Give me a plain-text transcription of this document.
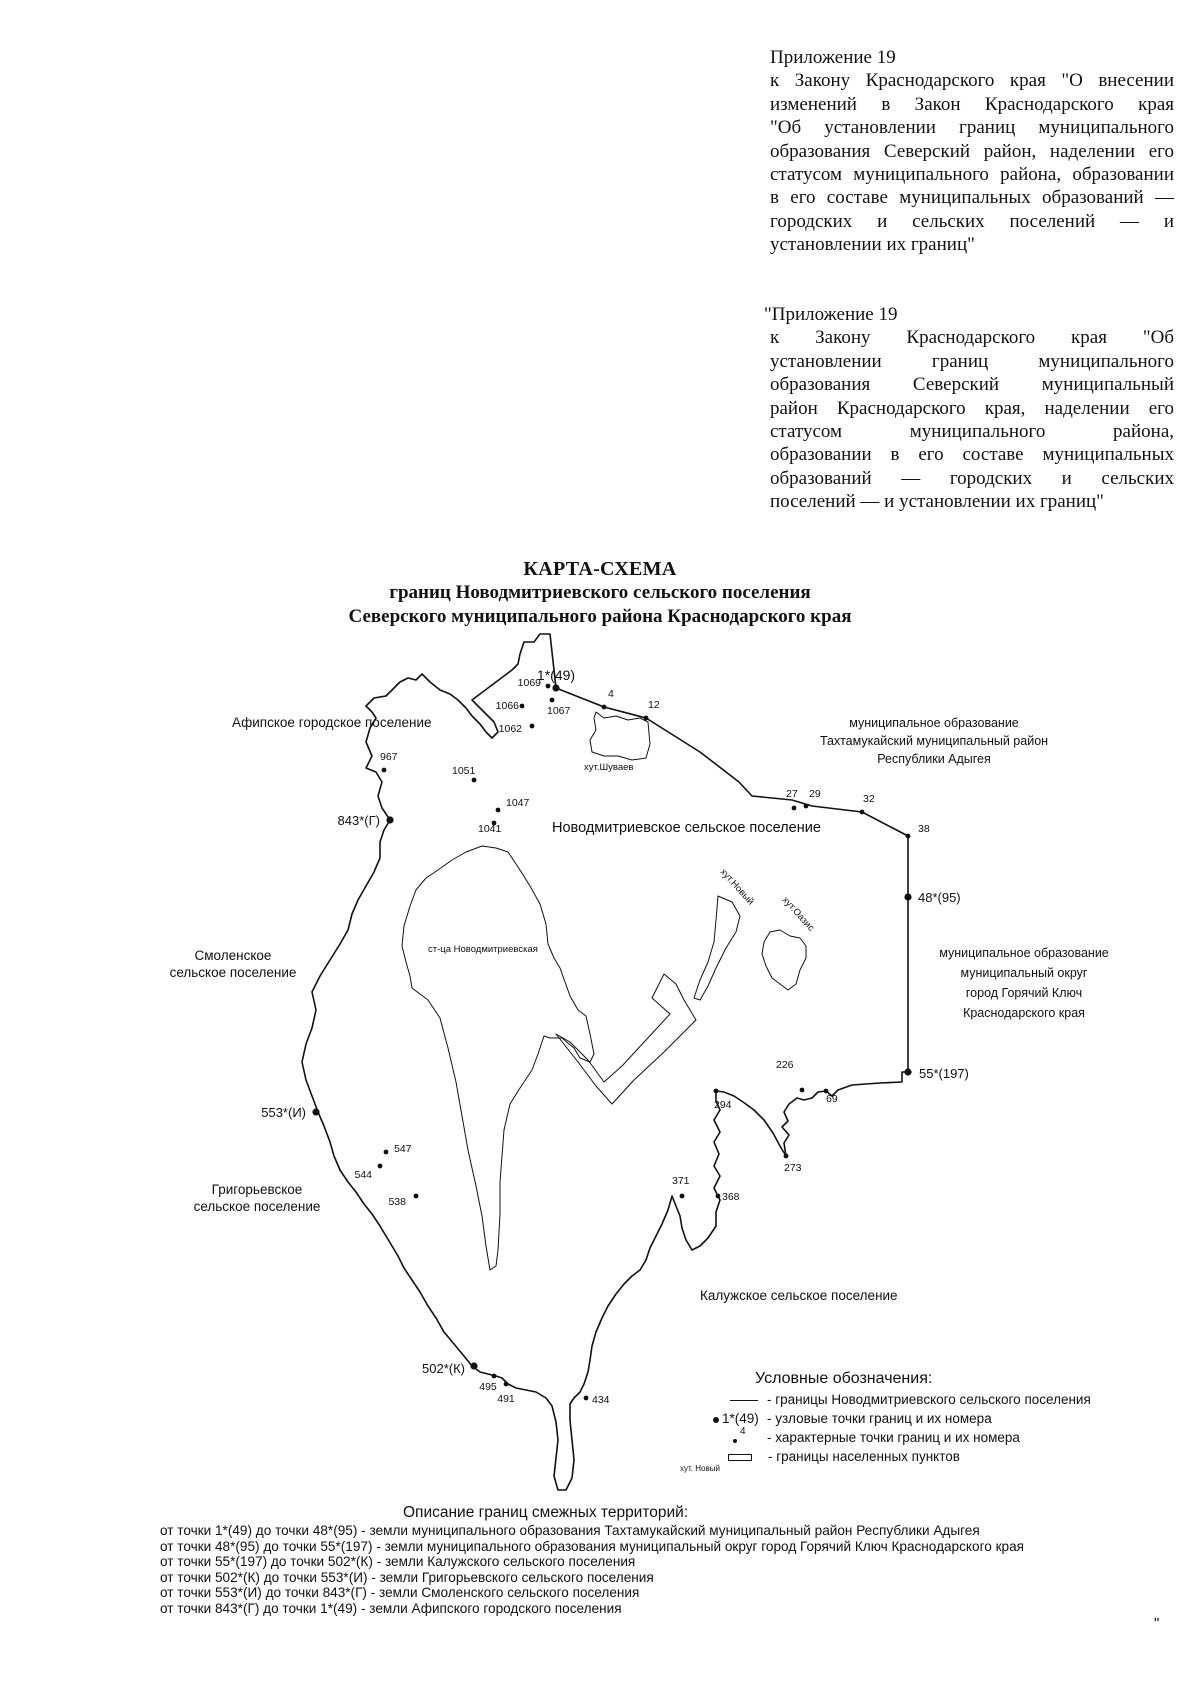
Приложение 19
к Закону Краснодарского края "О внесении
изменений в Закон Краснодарского края
"Об установлении границ муниципального
образования Северский район, наделении его
статусом муниципального района, образовании
в его составе муниципальных образований —
городских и сельских поселений — и
установлении их границ"
"Приложение 19
к Закону Краснодарского края "Об
установлении границ муниципального
образования Северский муниципальный
район Краснодарского края, наделении его
статусом муниципального района,
образовании в его составе муниципальных
образований — городских и сельских
поселений — и установлении их границ"
КАРТА-СХЕМА
границ Новодмитриевского сельского поселения
Северского муниципального района Краснодарского края
1*(49)
48*(95)
55*(197)
502*(К)
553*(И)
843*(Г)
4
12
1069
1066	1067
1062
967
1051
1047
1041
27 29	32
38
226
69
294
273
547
544
538
371
368
495
491	434
Афипское городское поселение
Новодмитриевское сельское поселение
муниципальное образование
Тахтамукайский муниципальный район
Республики Адыгея
муниципальное образование
муниципальный округ
город Горячий Ключ
Краснодарского края
Смоленское
сельское поселение
Григорьевское
сельское поселение
Калужское сельское поселение
хут.Шуваев
ст-ца Новодмитриевская
хут.Новый
хут.Оазис
Условные обозначения:
- границы Новодмитриевского сельского поселения
1*(49) - узловые точки границ и их номера
4 - характерные точки границ и их номера
- границы населенных пунктов
хут. Новый
Описание границ смежных территорий:
от точки 1*(49) до точки 48*(95) - земли муниципального образования Тахтамукайский муниципальный район Республики Адыгея
от точки 48*(95) до точки 55*(197) - земли муниципального образования муниципальный округ город Горячий Ключ Краснодарского края
от точки 55*(197) до точки 502*(К) - земли Калужского сельского поселения
от точки 502*(К) до точки 553*(И) - земли Григорьевского сельского поселения
от точки 553*(И) до точки 843*(Г) - земли Смоленского сельского поселения
от точки 843*(Г) до точки 1*(49) - земли Афипского городского поселения
"
